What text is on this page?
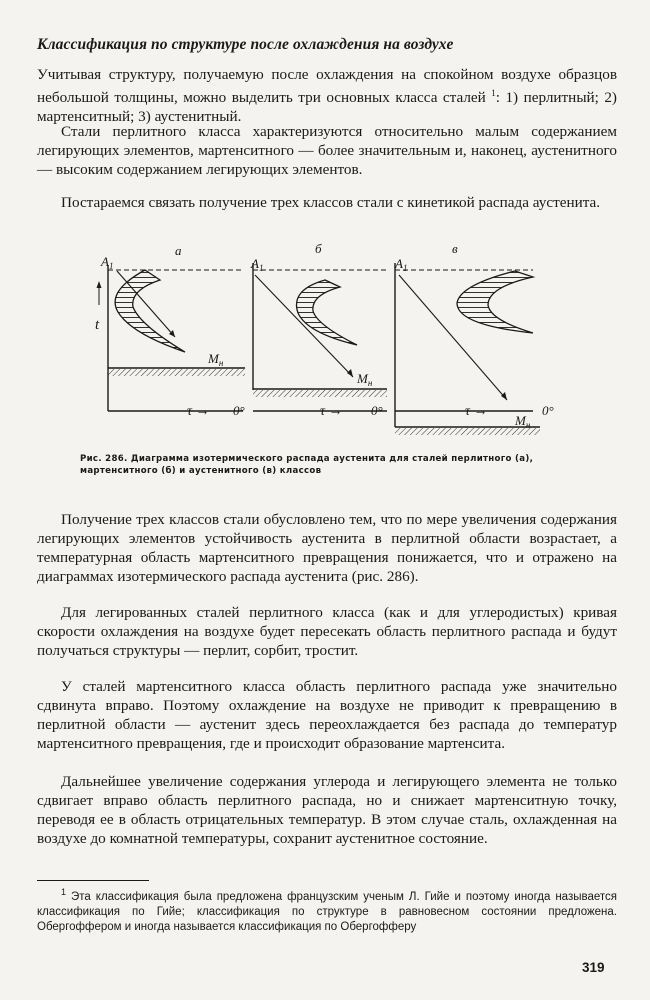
Классификация по структуре после охлаждения на воздухе

Учитывая структуру, получаемую после охлаждения на спокойном воздухе образцов небольшой толщины, можно выделить три основных класса сталей $^1$: 1) перлитный; 2) мартенситный; 3) аустенитный.

Стали перлитного класса характеризуются относительно малым содержанием легирующих элементов, мартенситного — более значительным и, наконец, аустенитного — высоким содержанием легирующих элементов.

Постараемся связать получение трех классов стали с кинетикой распада аустенита.

t
$A_1$
а
$M_н$
τ → 0°
$A_1$
б
$M_н$
τ → 0°
$A_1$
в
τ →
$M_н$
0°
Рис. 286. Диаграмма изотермического распада аустенита для сталей перлитного (а), мартенситного (б) и аустенитного (в) классов

Получение трех классов стали обусловлено тем, что по мере увеличения содержания легирующих элементов устойчивость аустенита в перлитной области возрастает, а температурная область мартенситного превращения понижается, что и отражено на диаграммах изотермического распада аустенита (рис. 286).

Для легированных сталей перлитного класса (как и для углеродистых) кривая скорости охлаждения на воздухе будет пересекать область перлитного распада и будут получаться структуры — перлит, сорбит, тростит.

У сталей мартенситного класса область перлитного распада уже значительно сдвинута вправо. Поэтому охлаждение на воздухе не приводит к превращению в перлитной области — аустенит здесь переохлаждается без распада до температур мартенситного превращения, где и происходит образование мартенсита.

Дальнейшее увеличение содержания углерода и легирующего элемента не только сдвигает вправо область перлитного распада, но и снижает мартенситную точку, переводя ее в область отрицательных температур. В этом случае сталь, охлажденная на воздухе до комнатной температуры, сохранит аустенитное состояние.

$^1$ Эта классификация была предложена французским ученым Л. Гийе и поэтому иногда называется классификация по Гийе; классификация по структуре в равновесном состоянии предложена. Обергоффером и иногда называется классификация по Обергофферу
319
